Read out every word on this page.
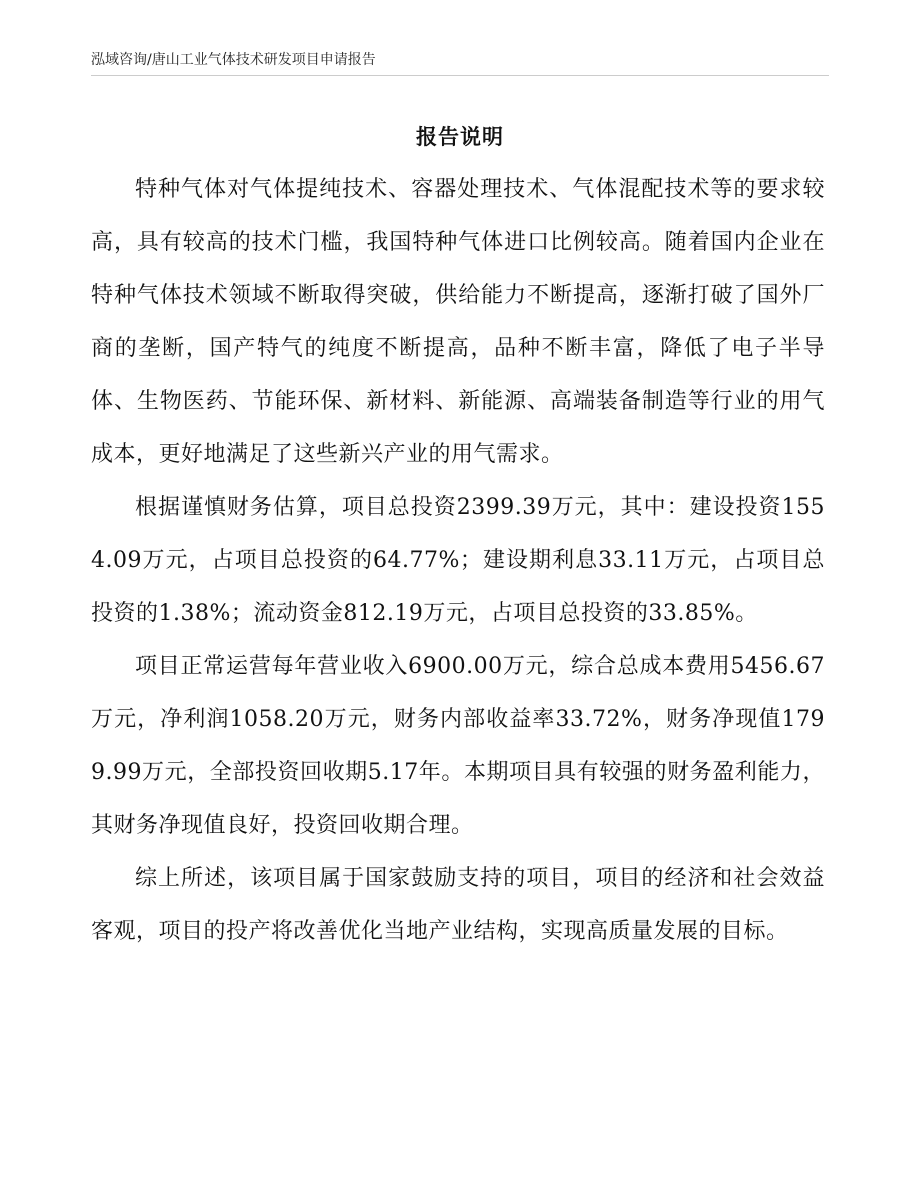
泓域咨询/唐山工业气体技术研发项目申请报告
报告说明

特种气体对气体提纯技术、容器处理技术、气体混配技术等的要求较高，具有较高的技术门槛，我国特种气体进口比例较高。随着国内企业在特种气体技术领域不断取得突破，供给能力不断提高，逐渐打破了国外厂商的垄断，国产特气的纯度不断提高，品种不断丰富，降低了电子半导体、生物医药、节能环保、新材料、新能源、高端装备制造等行业的用气成本，更好地满足了这些新兴产业的用气需求。

根据谨慎财务估算，项目总投资2399.39万元，其中：建设投资1554.09万元，占项目总投资的64.77%；建设期利息33.11万元，占项目总投资的1.38%；流动资金812.19万元，占项目总投资的33.85%。

项目正常运营每年营业收入6900.00万元，综合总成本费用5456.67万元，净利润1058.20万元，财务内部收益率33.72%，财务净现值1799.99万元，全部投资回收期5.17年。本期项目具有较强的财务盈利能力，其财务净现值良好，投资回收期合理。

综上所述，该项目属于国家鼓励支持的项目，项目的经济和社会效益客观，项目的投产将改善优化当地产业结构，实现高质量发展的目标。
